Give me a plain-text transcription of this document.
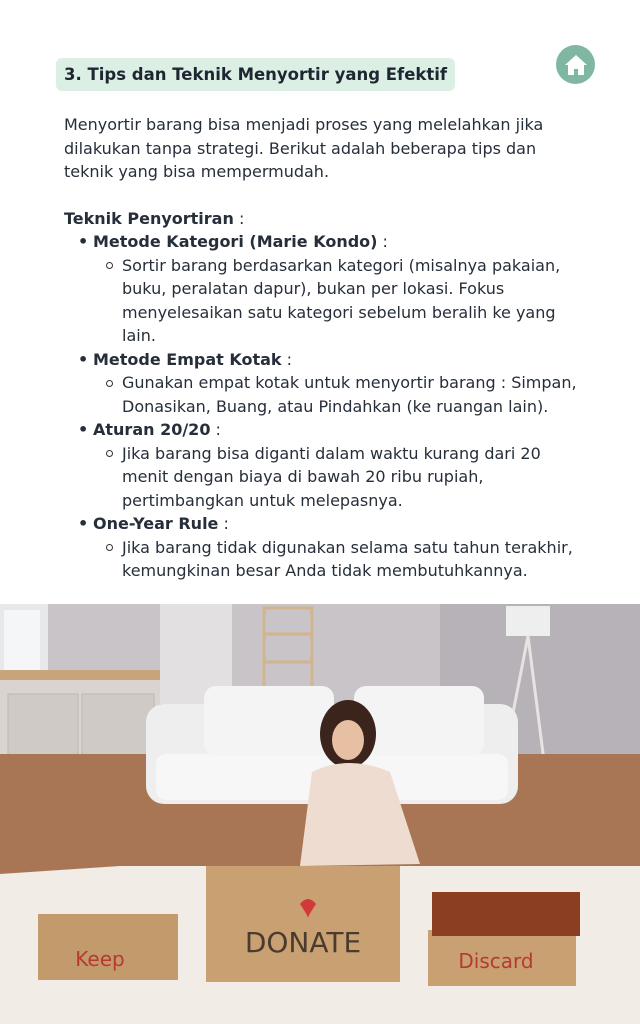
3. Tips dan Teknik Menyortir yang Efektif

Menyortir barang bisa menjadi proses yang melelahkan jika dilakukan tanpa strategi. Berikut adalah beberapa tips dan teknik yang bisa mempermudah.

Teknik Penyortiran :

• Metode Kategori (Marie Kondo) :
Sortir barang berdasarkan kategori (misalnya pakaian, buku, peralatan dapur), bukan per lokasi. Fokus menyelesaikan satu kategori sebelum beralih ke yang lain.
• Metode Empat Kotak :
Gunakan empat kotak untuk menyortir barang : Simpan, Donasikan, Buang, atau Pindahkan (ke ruangan lain).
• Aturan 20/20 :
Jika barang bisa diganti dalam waktu kurang dari 20 menit dengan biaya di bawah 20 ribu rupiah, pertimbangkan untuk melepasnya.
• One-Year Rule :
Jika barang tidak digunakan selama satu tahun terakhir, kemungkinan besar Anda tidak membutuhkannya.
DONATE
Keep	Discard
